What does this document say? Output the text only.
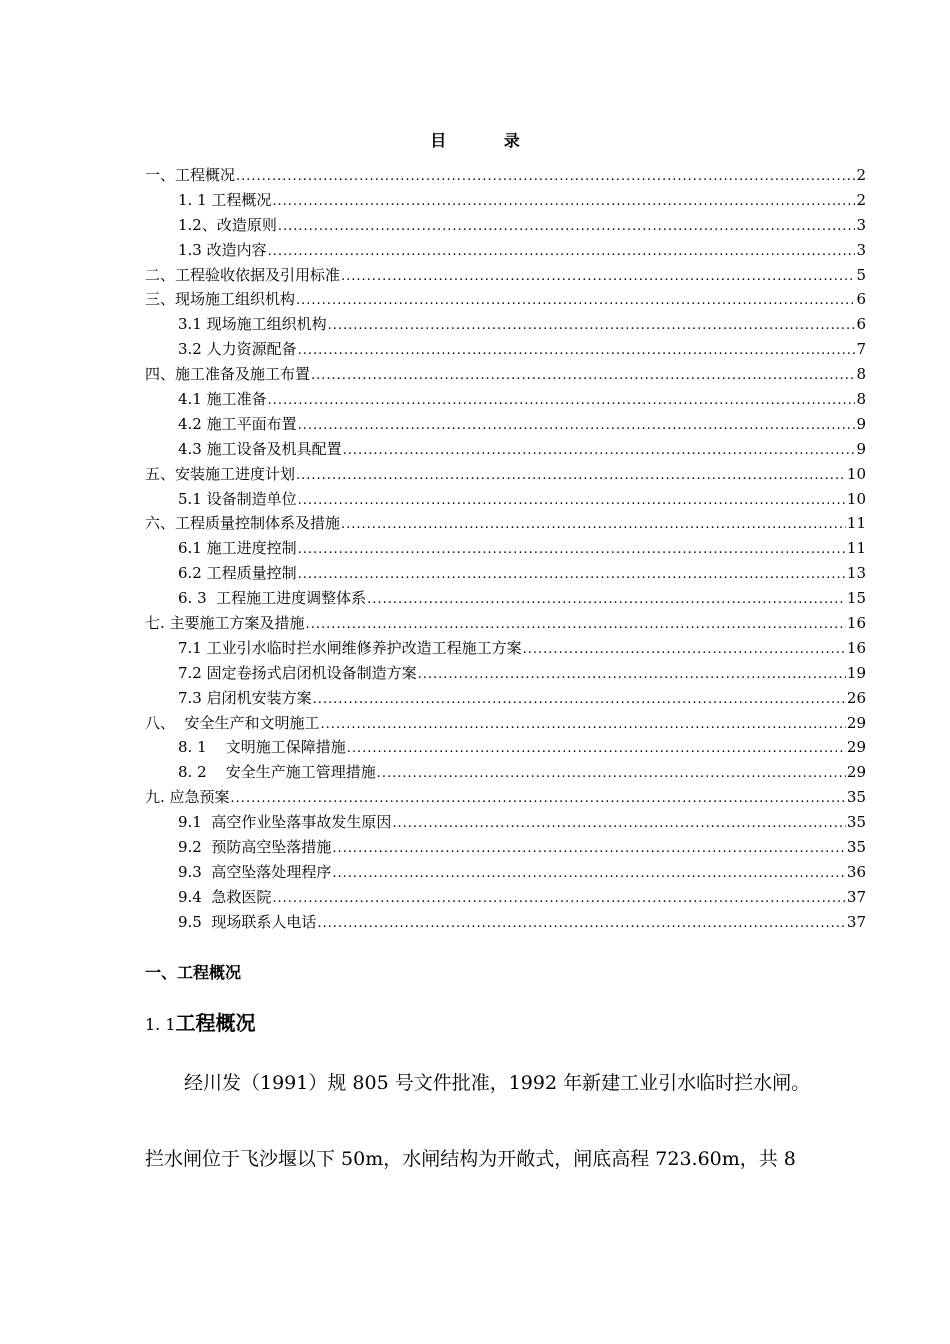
目 录
一、工程概况 .....	2
1. 1 工程概况 .....	2
1.2、改造原则 .....	3
1.3 改造内容 .....	3
二、工程验收依据及引用标准 .....	5
三、现场施工组织机构 .....	6
3.1 现场施工组织机构 .....	6
3.2 人力资源配备 .....	7
四、施工准备及施工布置 .....	8
4.1 施工准备 .....	8
4.2 施工平面布置 .....	9
4.3 施工设备及机具配置 .....	9
五、安装施工进度计划 .....	10
5.1 设备制造单位 .....	10
六、工程质量控制体系及措施 .....	11
6.1 施工进度控制 .....	11
6.2 工程质量控制 .....	13
6. 3  工程施工进度调整体系 .....	15
七. 主要施工方案及措施 .....	16
7.1 工业引水临时拦水闸维修养护改造工程施工方案 .....	16
7.2 固定卷扬式启闭机设备制造方案 .....	19
7.3 启闭机安装方案 .....	26
八、  安全生产和文明施工 .....	29
8. 1    文明施工保障措施 .....	29
8. 2    安全生产施工管理措施 .....	29
九. 应急预案 .....	35
9.1  高空作业坠落事故发生原因 .....	35
9.2  预防高空坠落措施 .....	35
9.3  高空坠落处理程序 .....	36
9.4  急救医院 .....	37
9.5  现场联系人电话 .....	37
一、工程概况
1. 1工程概况
经川发（1991）规 805 号文件批准，1992 年新建工业引水临时拦水闸。
拦水闸位于飞沙堰以下 50m，水闸结构为开敞式，闸底高程 723.60m，共 8
